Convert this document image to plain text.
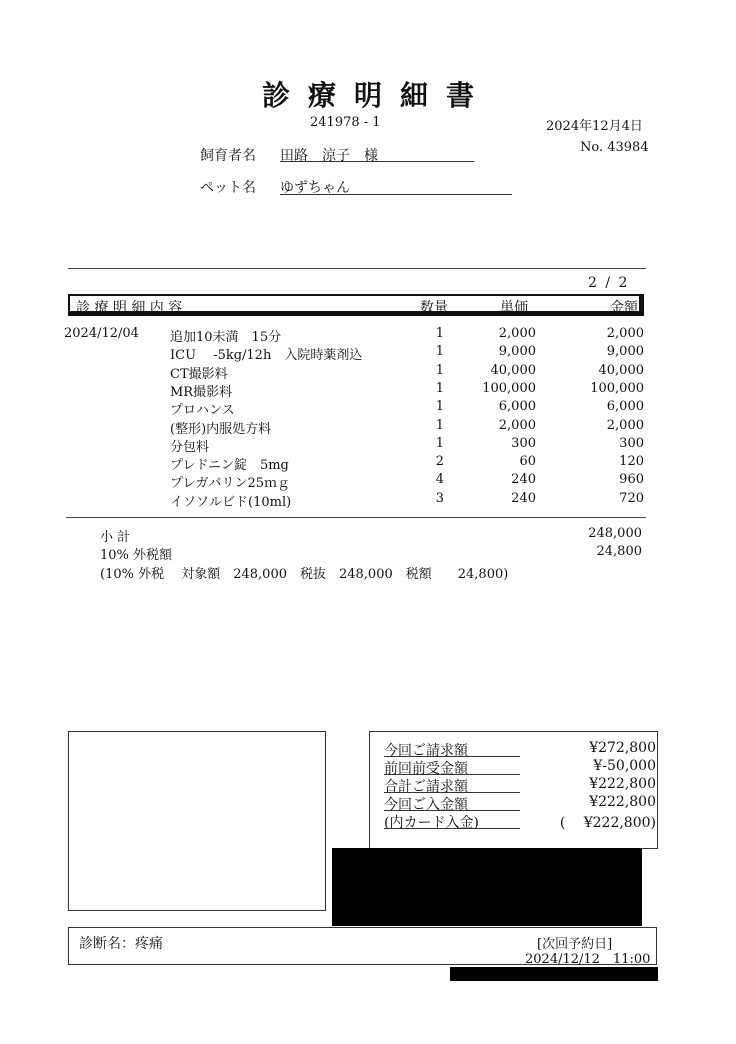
診療明細書
241978 - 1	2024年12月4日
No. 43984
飼育者名 田路　涼子　様
ペット名 ゆずちゃん
2 / 2
診 療 明 細 内 容	数量	単価	金額
2024/12/04 追加10未満　15分	1	2,000	2,000
ICU　 -5kg/12h　入院時薬剤込	1	9,000	9,000
CT撮影料	1	40,000	40,000
MR撮影料	1	100,000	100,000
プロハンス	1	6,000	6,000
(整形)内服処方料	1	2,000	2,000
分包料	1	300	300
プレドニン錠　5mg	2	60	120
プレガバリン25ｍｇ	4	240	960
イソソルビド(10ml)	3	240	720
小 計	248,000
10% 外税額	24,800
(10% 外税　 対象額　248,000　税抜　248,000　税額　　24,800)
今回ご請求額	¥272,800
前回前受金額	¥-50,000
合計ご請求額	¥222,800
今回ご入金額	¥222,800
(内カード入金)	(　 ¥222,800)
診断名：疼痛	[次回予約日]
2024/12/12　11:00
